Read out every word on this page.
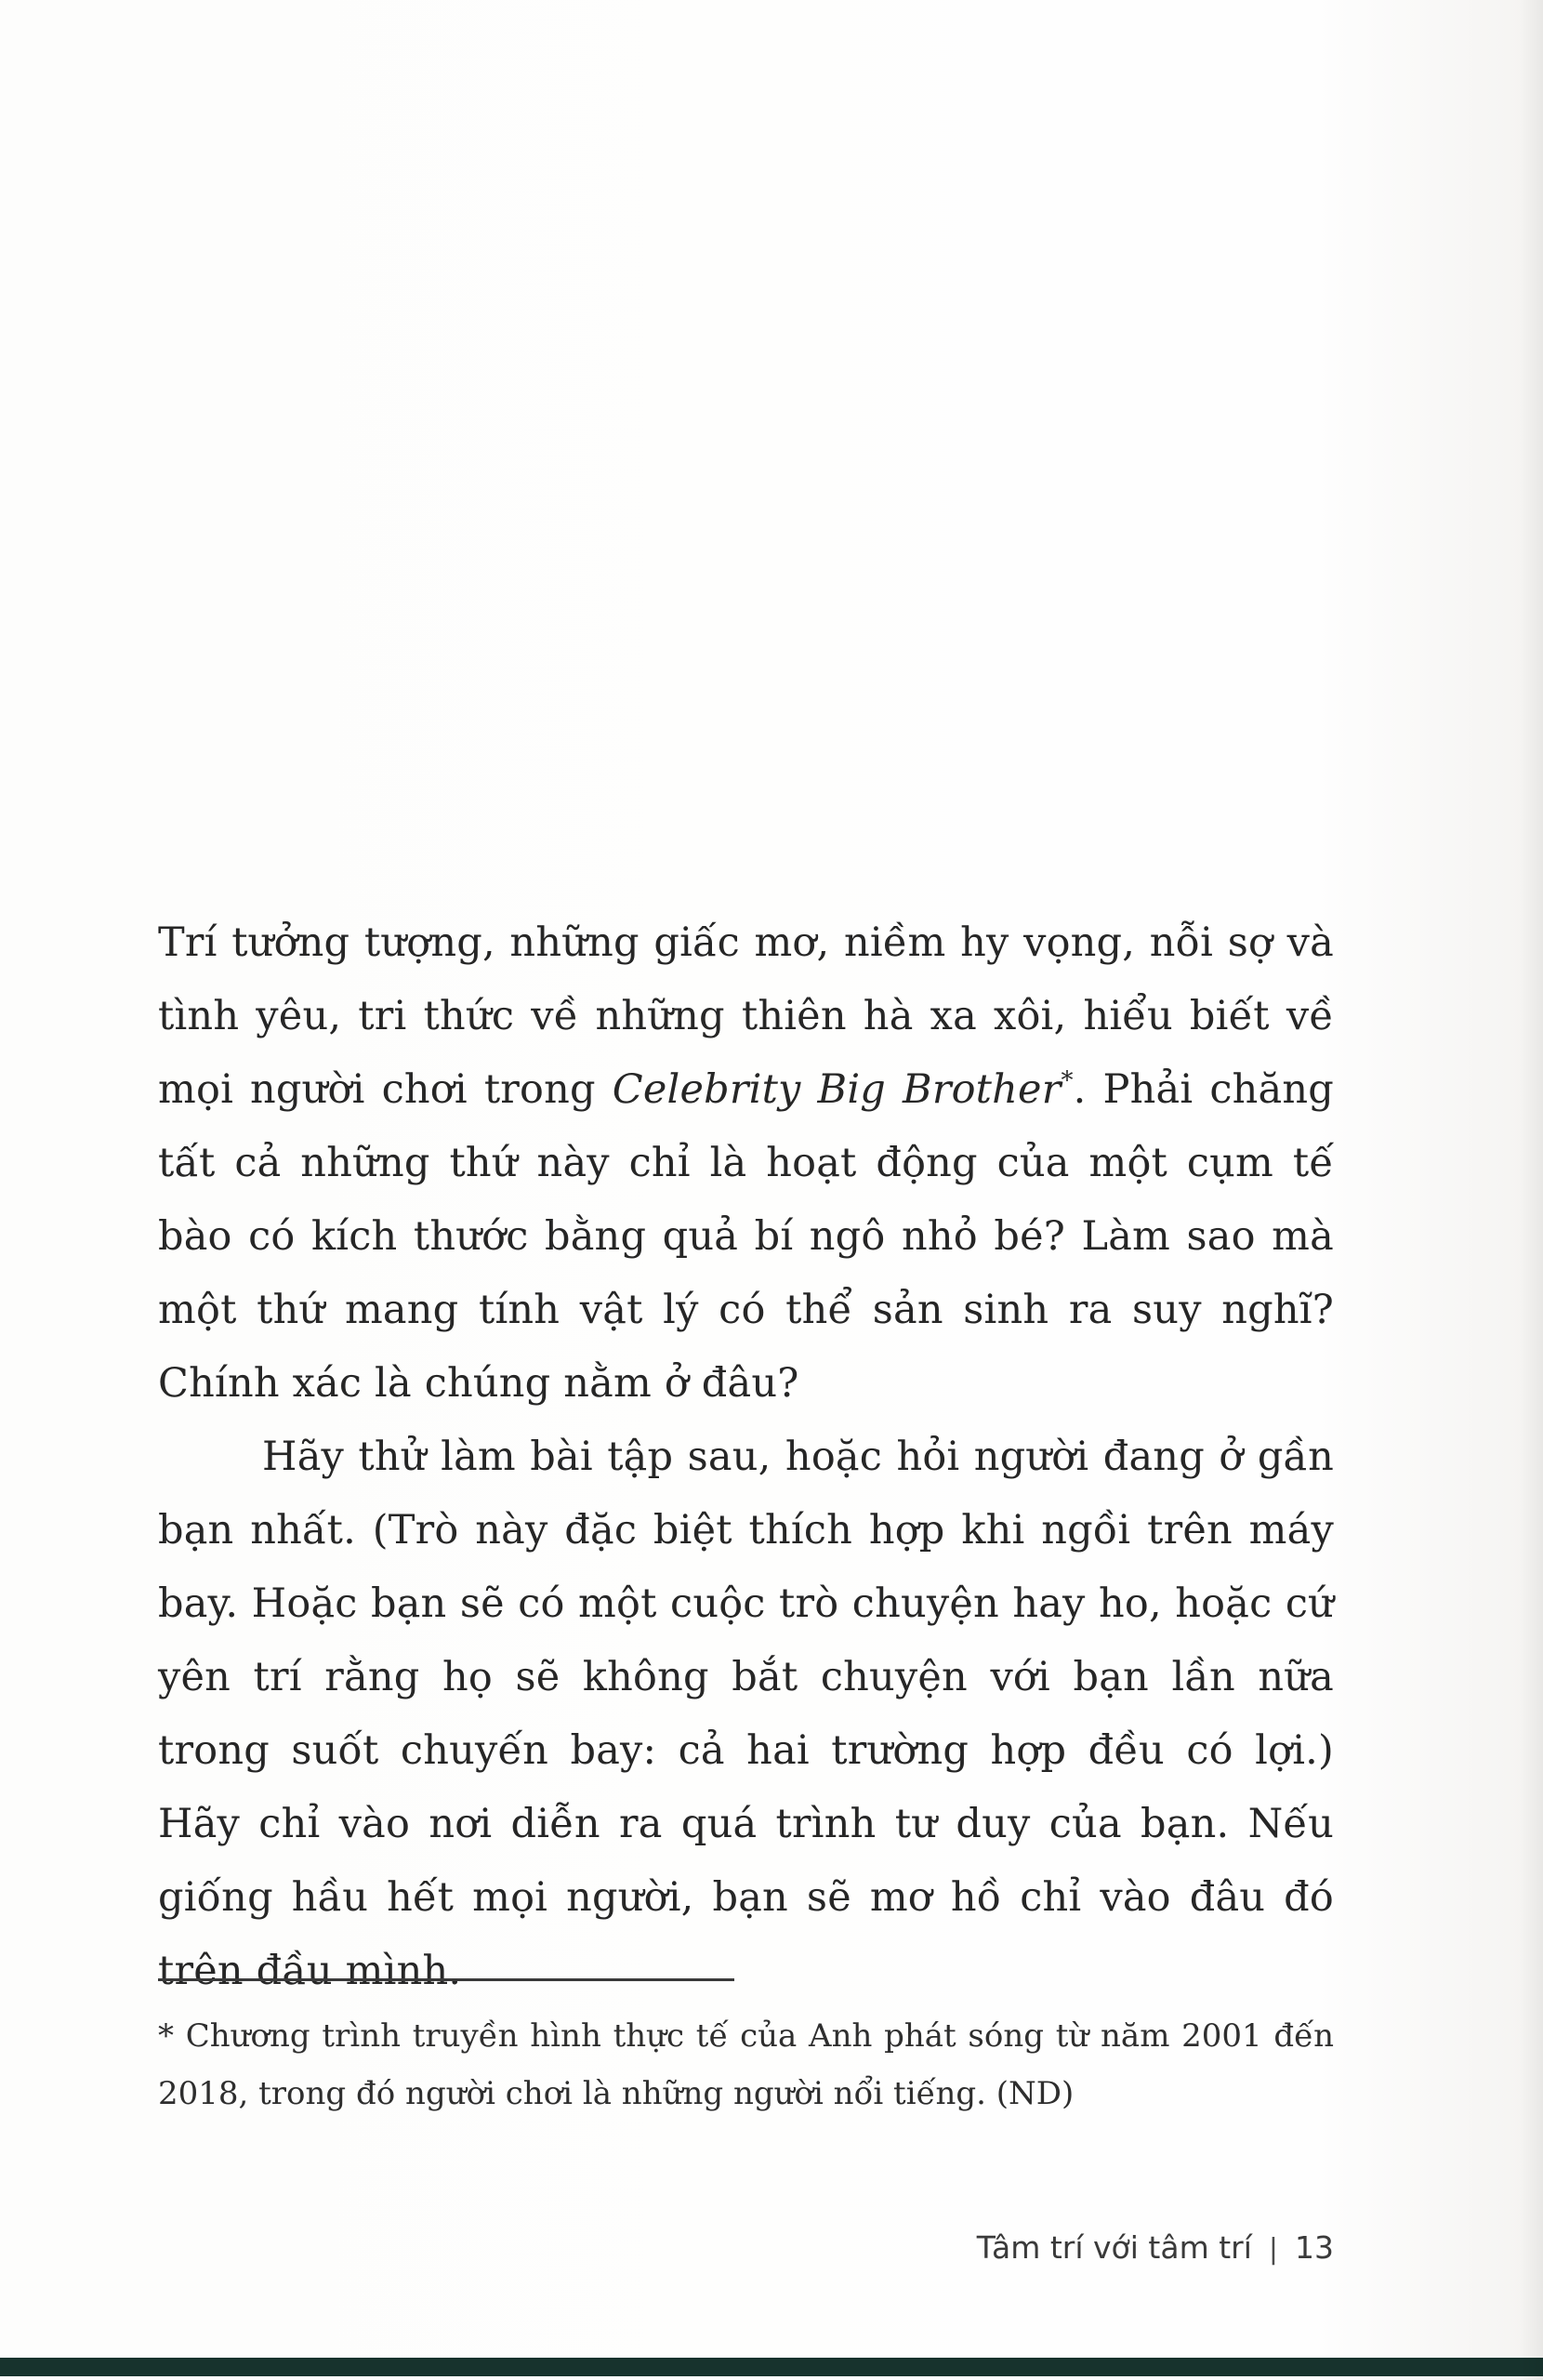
Trí tưởng tượng, những giấc mơ, niềm hy vọng, nỗi sợ và tình yêu, tri thức về những thiên hà xa xôi, hiểu biết về mọi người chơi trong Celebrity Big Brother*. Phải chăng tất cả những thứ này chỉ là hoạt động của một cụm tế bào có kích thước bằng quả bí ngô nhỏ bé? Làm sao mà một thứ mang tính vật lý có thể sản sinh ra suy nghĩ? Chính xác là chúng nằm ở đâu?

Hãy thử làm bài tập sau, hoặc hỏi người đang ở gần bạn nhất. (Trò này đặc biệt thích hợp khi ngồi trên máy bay. Hoặc bạn sẽ có một cuộc trò chuyện hay ho, hoặc cứ yên trí rằng họ sẽ không bắt chuyện với bạn lần nữa trong suốt chuyến bay: cả hai trường hợp đều có lợi.) Hãy chỉ vào nơi diễn ra quá trình tư duy của bạn. Nếu giống hầu hết mọi người, bạn sẽ mơ hồ chỉ vào đâu đó trên đầu mình.

* Chương trình truyền hình thực tế của Anh phát sóng từ năm 2001 đến 2018, trong đó người chơi là những người nổi tiếng. (ND)

Tâm trí với tâm trí | 13
